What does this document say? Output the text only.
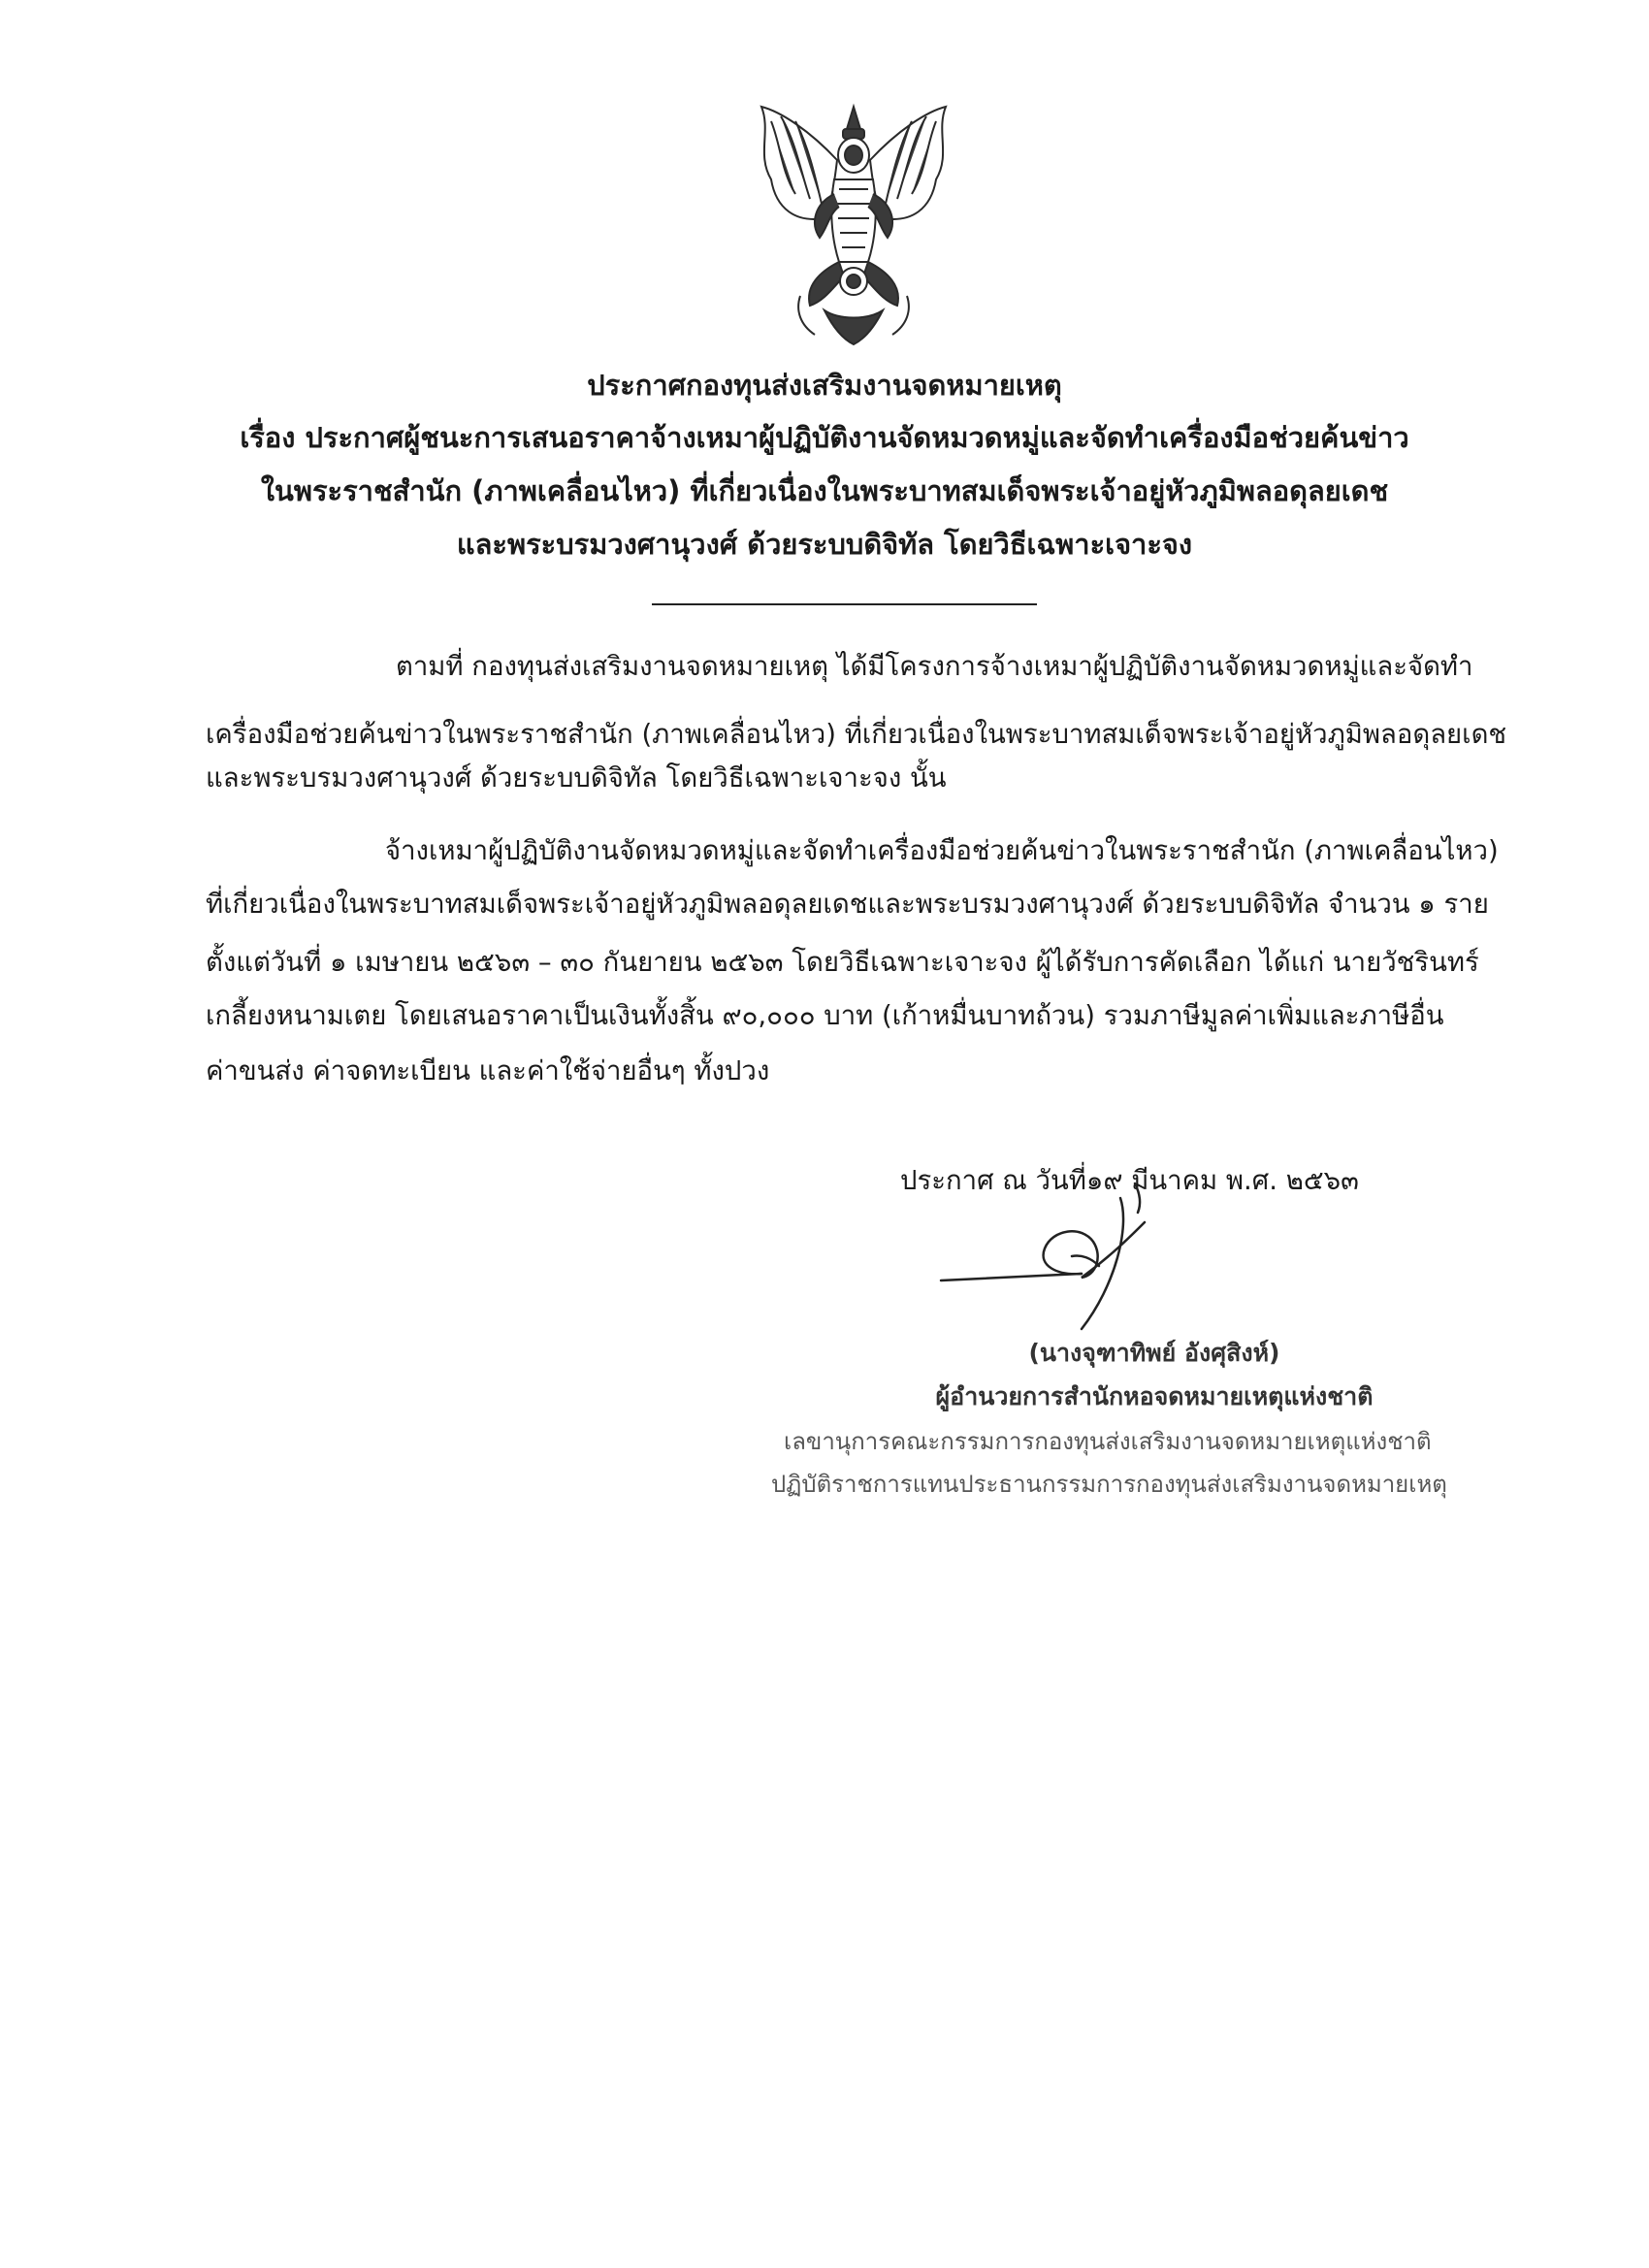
ประกาศกองทุนส่งเสริมงานจดหมายเหตุ
เรื่อง ประกาศผู้ชนะการเสนอราคาจ้างเหมาผู้ปฏิบัติงานจัดหมวดหมู่และจัดทำเครื่องมือช่วยค้นข่าว
ในพระราชสำนัก (ภาพเคลื่อนไหว) ที่เกี่ยวเนื่องในพระบาทสมเด็จพระเจ้าอยู่หัวภูมิพลอดุลยเดช
และพระบรมวงศานุวงศ์ ด้วยระบบดิจิทัล โดยวิธีเฉพาะเจาะจง
ตามที่ กองทุนส่งเสริมงานจดหมายเหตุ ได้มีโครงการจ้างเหมาผู้ปฏิบัติงานจัดหมวดหมู่และจัดทำ
เครื่องมือช่วยค้นข่าวในพระราชสำนัก (ภาพเคลื่อนไหว) ที่เกี่ยวเนื่องในพระบาทสมเด็จพระเจ้าอยู่หัวภูมิพลอดุลยเดช
และพระบรมวงศานุวงศ์ ด้วยระบบดิจิทัล โดยวิธีเฉพาะเจาะจง นั้น
จ้างเหมาผู้ปฏิบัติงานจัดหมวดหมู่และจัดทำเครื่องมือช่วยค้นข่าวในพระราชสำนัก (ภาพเคลื่อนไหว)
ที่เกี่ยวเนื่องในพระบาทสมเด็จพระเจ้าอยู่หัวภูมิพลอดุลยเดชและพระบรมวงศานุวงศ์ ด้วยระบบดิจิทัล จำนวน ๑ ราย
ตั้งแต่วันที่ ๑ เมษายน ๒๕๖๓ – ๓๐ กันยายน ๒๕๖๓ โดยวิธีเฉพาะเจาะจง ผู้ได้รับการคัดเลือก ได้แก่ นายวัชรินทร์
เกลี้ยงหนามเตย โดยเสนอราคาเป็นเงินทั้งสิ้น ๙๐,๐๐๐ บาท (เก้าหมื่นบาทถ้วน) รวมภาษีมูลค่าเพิ่มและภาษีอื่น
ค่าขนส่ง ค่าจดทะเบียน และค่าใช้จ่ายอื่นๆ ทั้งปวง
ประกาศ ณ วันที่๑๙ มีนาคม พ.ศ. ๒๕๖๓
(นางจุฑาทิพย์ อังศุสิงห์)
ผู้อำนวยการสำนักหอจดหมายเหตุแห่งชาติ
เลขานุการคณะกรรมการกองทุนส่งเสริมงานจดหมายเหตุแห่งชาติ
ปฏิบัติราชการแทนประธานกรรมการกองทุนส่งเสริมงานจดหมายเหตุ
